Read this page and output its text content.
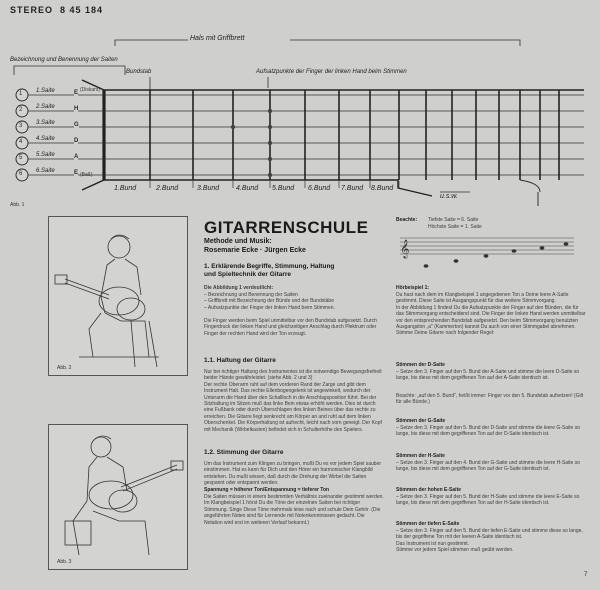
STEREO 8 45 184
Hals mit Griffbrett
Bezeichnung und Benennung der Saiten
Bundstab	Aufsatzpunkte der Finger der linken Hand beim Stimmen
(Diskant)
(Baß)
1
2
3
4
5
6
1.Saite
2.Saite
3.Saite
4.Saite
5.Saite
6.Saite
E
H
G
D
A
E
1.Bund	2.Bund	3.Bund 4.Bund 5.Bund 6.Bund 7.Bund 8.Bund
u.s.w.
Abb. 1
Abb. 2
Abb. 3
GITARRENSCHULE
Methode und Musik:
Rosemarie Ecke · Jürgen Ecke
1. Erklärende Begriffe, Stimmung, Haltung
und Spieltechnik der Gitarre
Die Abbildung 1 verdeutlicht:
– Bezeichnung und Benennung der Saiten
– Griffbrett mit Bezeichnung der Bünde und der Bundstäbe
– Aufsatzpunkte der Finger der linken Hand beim Stimmen.
Die Finger werden beim Spiel unmittelbar vor den Bundstab aufgesetzt. Durch Fingerdruck der linken Hand und gleichzeitigen Anschlag durch Plektrum oder Finger der rechten Hand wird der Ton erzeugt.
1.1. Haltung der Gitarre
Nur bei richtiger Haltung des Instrumentes ist die notwendige Bewegungsfreiheit beider Hände gewährleistet. (siehe Abb. 2 und 3)
Der rechte Oberarm ruht auf dem vorderen Rand der Zarge und gibt dem Instrument Halt. Das rechte Ellenbogengelenk ist angewinkelt, wodurch der Unterarm die Hand über den Schallloch in die Anschlagsposition führt. Bei der Sitzhaltung im Sitzen muß das linke Bein etwas erhöht werden. Dies ist durch eine Fußbank oder durch Überschlagen des linken Beines über das rechte zu erreichen. Die Gitarre liegt senkrecht am Körper an und ruht auf dem linken Oberschenkel. Die Körperhaltung ist aufrecht, leicht nach vorn geneigt. Der Kopf mit Mechanik (Wirbelkasten) befindet sich in Schulterhöhe des Spielers.
1.2. Stimmung der Gitarre
Um das Instrument zum Klingen zu bringen, mußt Du es vor jedem Spiel sauber einstimmen. Hat es kann für Dich und den Hörer ein harmonischer Klangbild entstehen. Du mußt wissen, daß durch die Drehung der Wirbel die Saiten gespannt oder entspannt werden.
Spannung = höherer Ton/Entspannung = tieferer Ton
Die Saiten müssen in einem bestimmten Verhältnis zueinander gestimmt werden.
Im Klangbeispiel 1 hörst Du die Töne der einzelnen Saiten bei richtiger Stimmung. Singe Diese Töne mehrmals leise nach und schule Dein Gehör. (Die angeführten Noten sind für Lernende mit Notenkenntnissen gedacht. Die Notation wird erst im weiteren Verlauf bekannt.)
Beachte: Tiefste Saite = 6. Saite
Höchste Saite = 1. Saite
𝄞
Hörbeispiel 1:
Du hast nach dem im Klangbeispiel 1 angegebenen Ton a Deine leere A-Saite gestimmt. Diese Saite ist Ausgangspunkt für das weitere Stimmvorgang.
In der Abbildung 1 findest Du die Aufsatzpunkte der Finger auf den Bünden, die für das Stimmvorgang entscheidend sind. Die Finger der linken Hand werden unmittelbar vor den entsprechenden Bundstab aufgesetzt. Den beim Stimmvorgang benutzten Ausgangston „a" (Kammerton) kannst Du auch von einer Stimmgabel abnehmen. Stimme Deine Gitarre nach folgender Regel:
Stimmen der D-Saite
– Setze den 3. Finger auf den 5. Bund der A-Saite und stimme die leere D-Saite so lange, bis diese mit dem gegriffenen Ton auf der A-Saite identisch ist.
Beachte: „auf den 5. Bund", heißt immer: Finger vor den 5. Bundstab aufsetzen! (Gilt für alle Bünde.)
Stimmen der G-Saite
– Setze den 3. Finger auf den 5. Bund der D-Saite und stimme die leere G-Saite so lange, bis diese mit dem gegriffenen Ton auf der D-Saite identisch ist.
Stimmen der H-Saite
– Setze den 3. Finger auf den 4. Bund der G-Saite und stimme die leere H-Saite so lange, bis diese mit dem gegriffenen Ton auf der G-Saite identisch ist.
Stimmen der hohen E-Saite
– Setze den 3. Finger auf den 5. Bund der H-Saite und stimme die leere E-Saite so lange, bis diese mit dem gegriffenen Ton auf der H-Saite identisch ist.
Stimmen der tiefen E-Saite
– Setze den 3. Finger auf den 5. Bund der tiefen E-Saite und stimme diese so lange, bis der gegriffene Ton mit der leeren A-Saite identisch ist.
Das Instrument ist nun gestimmt.
Stimme vor jedem Spiel stimmen muß geübt werden.
7
